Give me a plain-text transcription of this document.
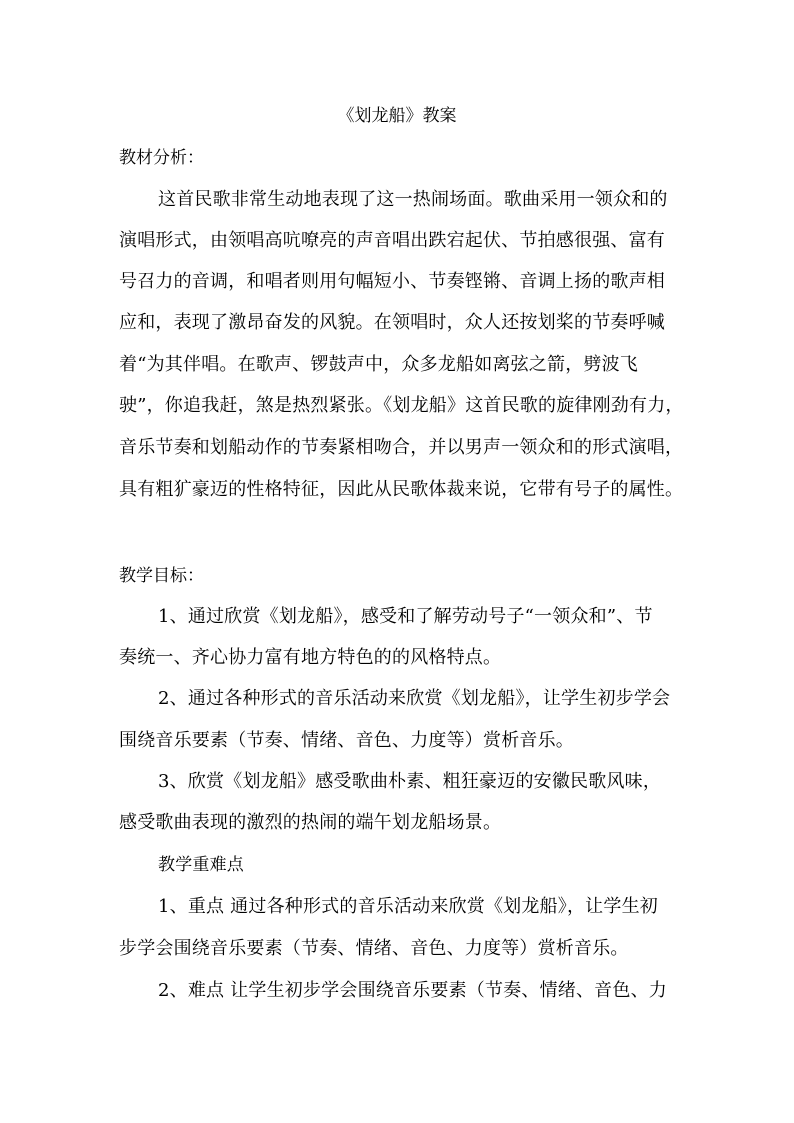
《划龙船》教案
教材分析：
这首民歌非常生动地表现了这一热闹场面。歌曲采用一领众和的
演唱形式，由领唱高吭嘹亮的声音唱出跌宕起伏、节拍感很强、富有
号召力的音调，和唱者则用句幅短小、节奏铿锵、音调上扬的歌声相
应和，表现了激昂奋发的风貌。在领唱时，众人还按划桨的节奏呼喊
着“为其伴唱。在歌声、锣鼓声中，众多龙船如离弦之箭，劈波飞
驶”，你追我赶，煞是热烈紧张。《划龙船》这首民歌的旋律刚劲有力，
音乐节奏和划船动作的节奏紧相吻合，并以男声一领众和的形式演唱，
具有粗犷豪迈的性格特征，因此从民歌体裁来说，它带有号子的属性。
教学目标：
1、通过欣赏《划龙船》，感受和了解劳动号子“一领众和”、节
奏统一、齐心协力富有地方特色的的风格特点。
2、通过各种形式的音乐活动来欣赏《划龙船》，让学生初步学会
围绕音乐要素（节奏、情绪、音色、力度等）赏析音乐。
3、欣赏《划龙船》感受歌曲朴素、粗狂豪迈的安徽民歌风味，
感受歌曲表现的激烈的热闹的端午划龙船场景。
教学重难点
1、重点 通过各种形式的音乐活动来欣赏《划龙船》，让学生初
步学会围绕音乐要素（节奏、情绪、音色、力度等）赏析音乐。
2、难点 让学生初步学会围绕音乐要素（节奏、情绪、音色、力
